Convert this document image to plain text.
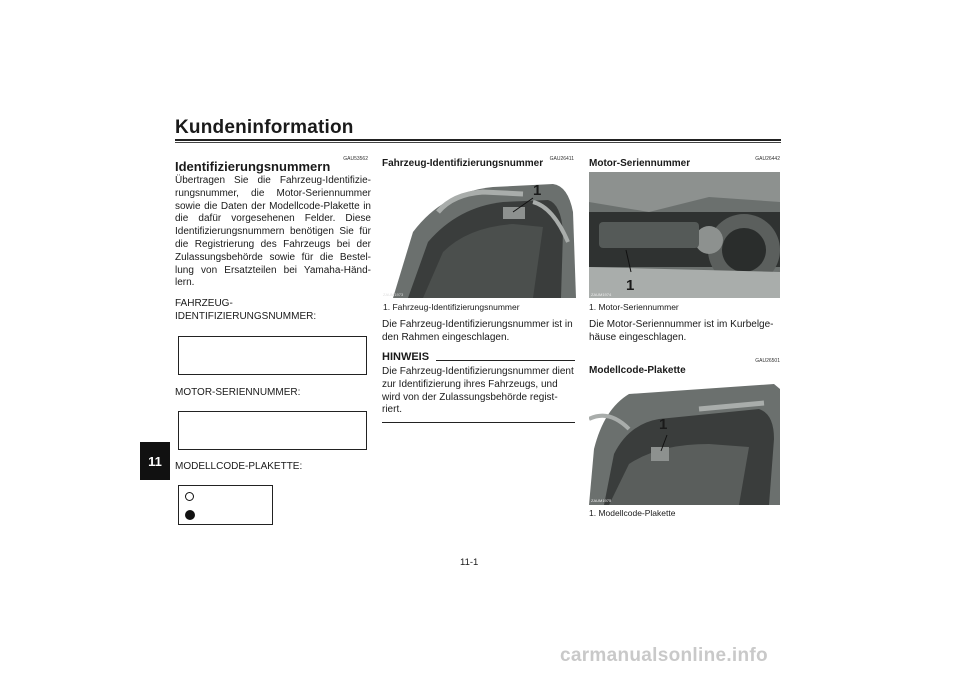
Kundeninformation
11
GAU53562
Identifizierungsnummern
Übertragen Sie die Fahrzeug-Identifizie-rungsnummer, die Motor-Seriennummer sowie die Daten der Modellcode-Plakette in die dafür vorgesehenen Felder. Diese Identifizierungsnummern benötigen Sie für die Registrierung des Fahrzeugs bei der Zulassungsbehörde sowie für die Bestel-lung von Ersatzteilen bei Yamaha-Händ-lern.
FAHRZEUG-
IDENTIFIZIERUNGSNUMMER:
MOTOR-SERIENNUMMER:
MODELLCODE-PLAKETTE:
GAU26411
Fahrzeug-Identifizierungsnummer
ZAUM1973
1
1. Fahrzeug-Identifizierungsnummer
Die Fahrzeug-Identifizierungsnummer ist in den Rahmen eingeschlagen.
HINWEIS
Die Fahrzeug-Identifizierungsnummer dient zur Identifizierung ihres Fahrzeugs, und wird von der Zulassungsbehörde regist-riert.
GAU26442
Motor-Seriennummer
ZAUM1974
1
1. Motor-Seriennummer
Die Motor-Seriennummer ist im Kurbelge-häuse eingeschlagen.
GAU26501
Modellcode-Plakette
ZAUM1975
1
1. Modellcode-Plakette
11-1
carmanualsonline.info
